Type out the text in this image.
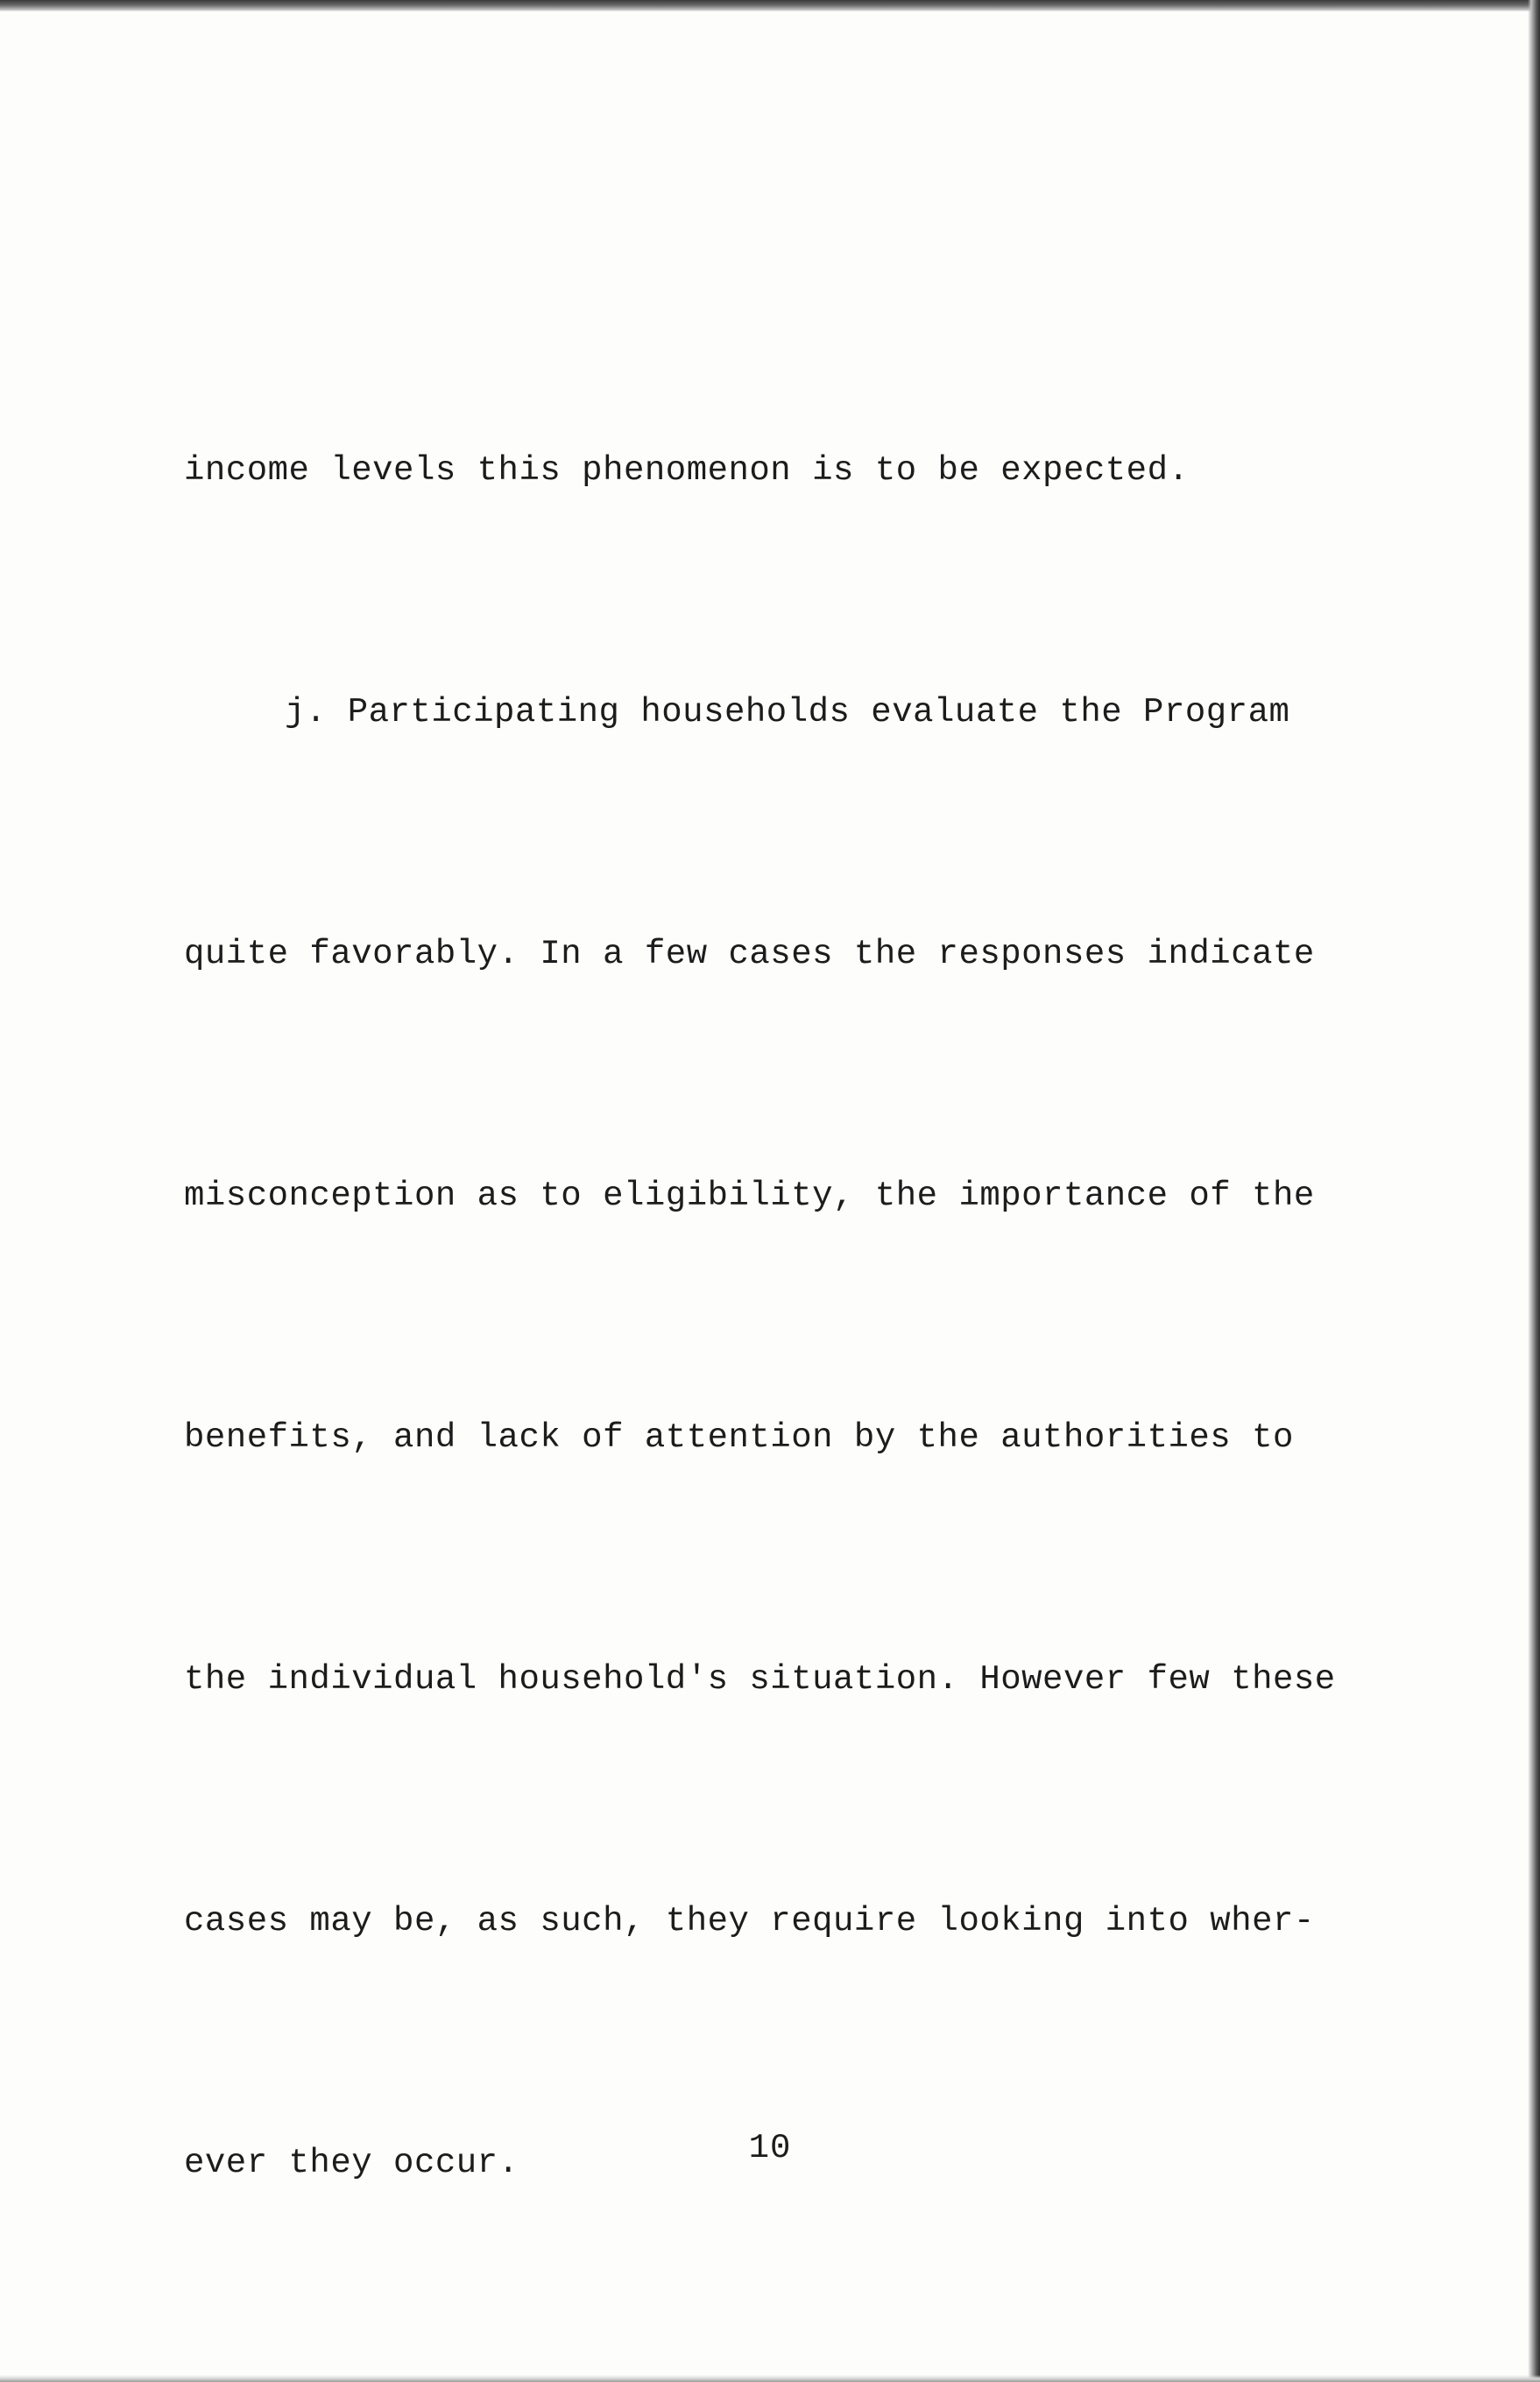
income levels this phenomenon is to be expected.

j. Participating households evaluate the Program

quite favorably. In a few cases the responses indicate

misconception as to eligibility, the importance of the

benefits, and lack of attention by the authorities to

the individual household's situation. However few these

cases may be, as such, they require looking into wher-

ever they occur.

	10
